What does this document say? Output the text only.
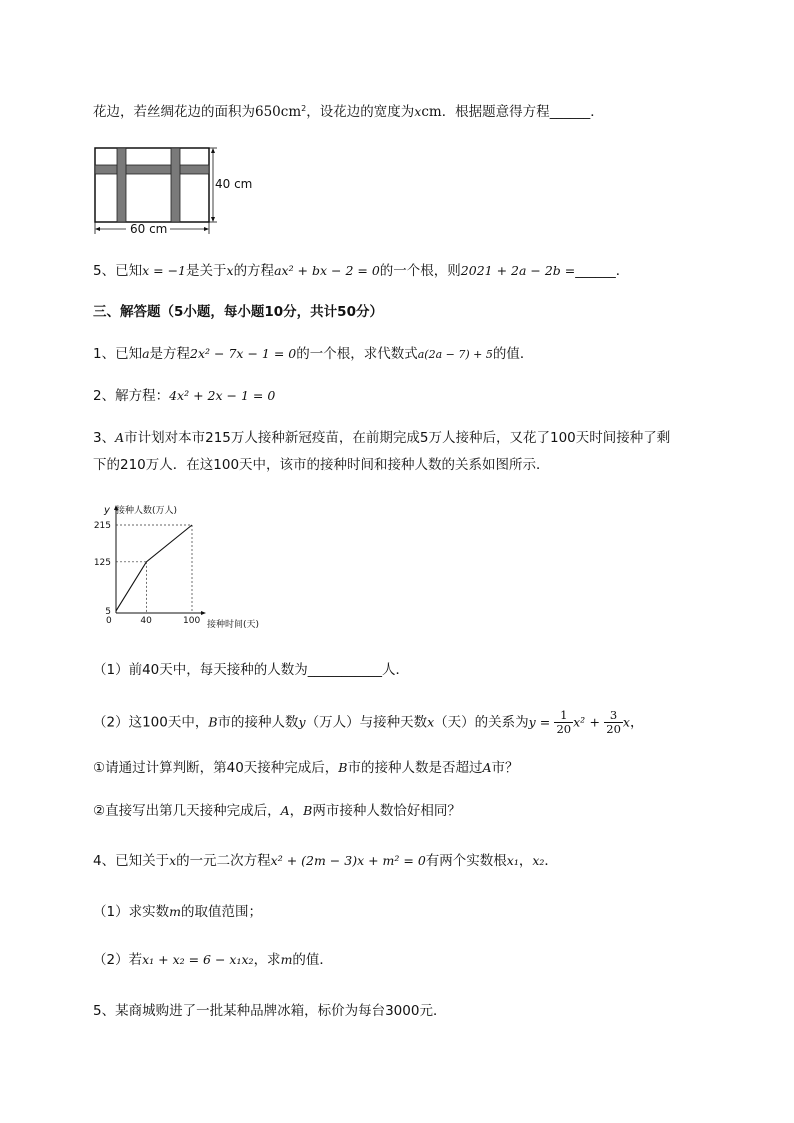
花边，若丝绸花边的面积为$650cm^2$，设花边的宽度为xcm．根据题意得方程______．
40 cm
60 cm
5、已知x = −1是关于x的方程ax² + bx − 2 = 0的一个根，则2021 + 2a − 2b =______．
三、解答题（5小题，每小题10分，共计50分）
1、已知a是方程2x² − 7x − 1 = 0的一个根，求代数式a(2a − 7) + 5的值．
2、解方程：4x² + 2x − 1 = 0
3、A市计划对本市215万人接种新冠疫苗，在前期完成5万人接种后，又花了100天时间接种了剩
下的210万人．在这100天中，该市的接种时间和接种人数的关系如图所示．
y 接种人数(万人)
接种时间(天)
0	40	100
5
125
215
（1）前40天中，每天接种的人数为___________人．
（2）这100天中，B市的接种人数y（万人）与接种天数x（天）的关系为$y = \frac{1}{20} x^2 + \frac{3}{20}$ x，
①请通过计算判断，第40天接种完成后，B市的接种人数是否超过A市？
②直接写出第几天接种完成后，A，B两市接种人数恰好相同？
4、已知关于x的一元二次方程x² + (2m − 3)x + m² = 0有两个实数根x₁，x₂．
（1）求实数m的取值范围；
（2）若x₁ + x₂ = 6 − x₁x₂，求m的值．
5、某商城购进了一批某种品牌冰箱，标价为每台3000元．
